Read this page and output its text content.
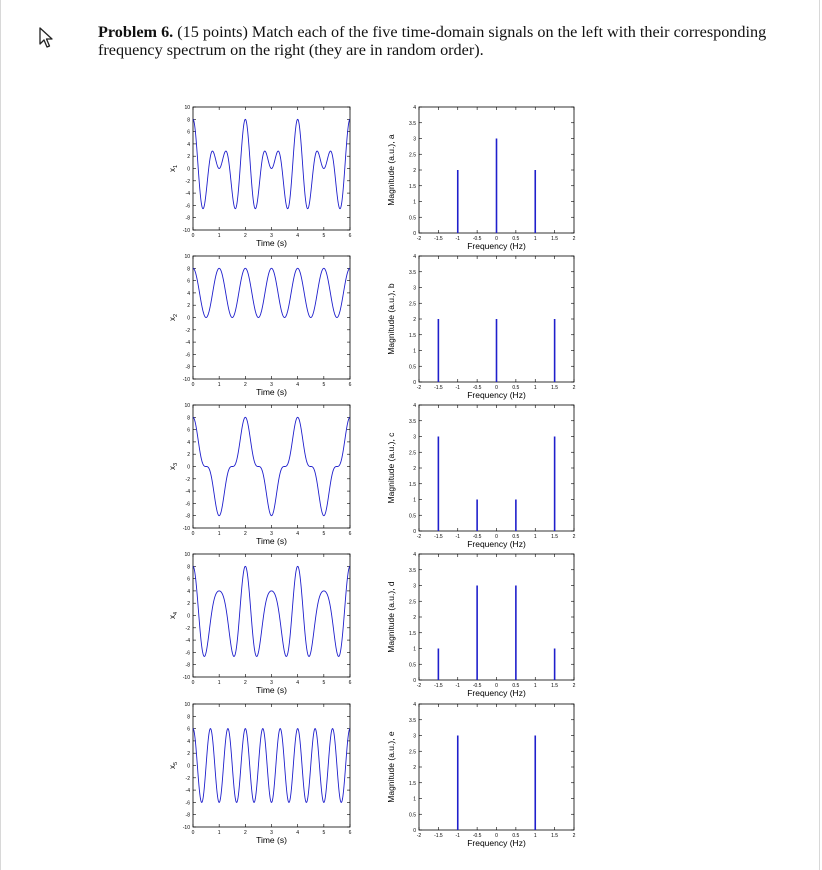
Problem 6. (15 points) Match each of the five time-domain signals on the left with their corresponding frequency spectrum on the right (they are in random order).
-10
-8
-6
-4
-2
0
2
4
6
8
10
0	1	2	3	4	5	6
Time (s)
$x_1$
-10
-8
-6
-4
-2
0
2
4
6
8
10
0	1	2	3	4	5	6
Time (s)
$x_2$
-10
-8
-6
-4
-2
0
2
4
6
8
10
0	1	2	3	4	5	6
Time (s)
$x_3$
-10
-8
-6
-4
-2
0
2
4
6
8
10
0	1	2	3	4	5	6
Time (s)
$x_4$
-10
-8
-6
-4
-2
0
2
4
6
8
10
0	1	2	3	4	5	6
Time (s)
$x_5$
0
0.5
1
1.5
2
2.5
3
3.5
4
-2	-1.5	-1	-0.5	0	0.5	1	1.5	2
Frequency (Hz)
Magnitude (a.u.), a
0
0.5
1
1.5
2
2.5
3
3.5
4
-2	-1.5	-1	-0.5	0	0.5	1	1.5	2
Frequency (Hz)
Magnitude (a.u.), b
0
0.5
1
1.5
2
2.5
3
3.5
4
-2	-1.5	-1	-0.5	0	0.5	1	1.5	2
Frequency (Hz)
Magnitude (a.u.), c
0
0.5
1
1.5
2
2.5
3
3.5
4
-2	-1.5	-1	-0.5	0	0.5	1	1.5	2
Frequency (Hz)
Magnitude (a.u.), d
0
0.5
1
1.5
2
2.5
3
3.5
4
-2	-1.5	-1	-0.5	0	0.5	1	1.5	2
Frequency (Hz)
Magnitude (a.u.), e
